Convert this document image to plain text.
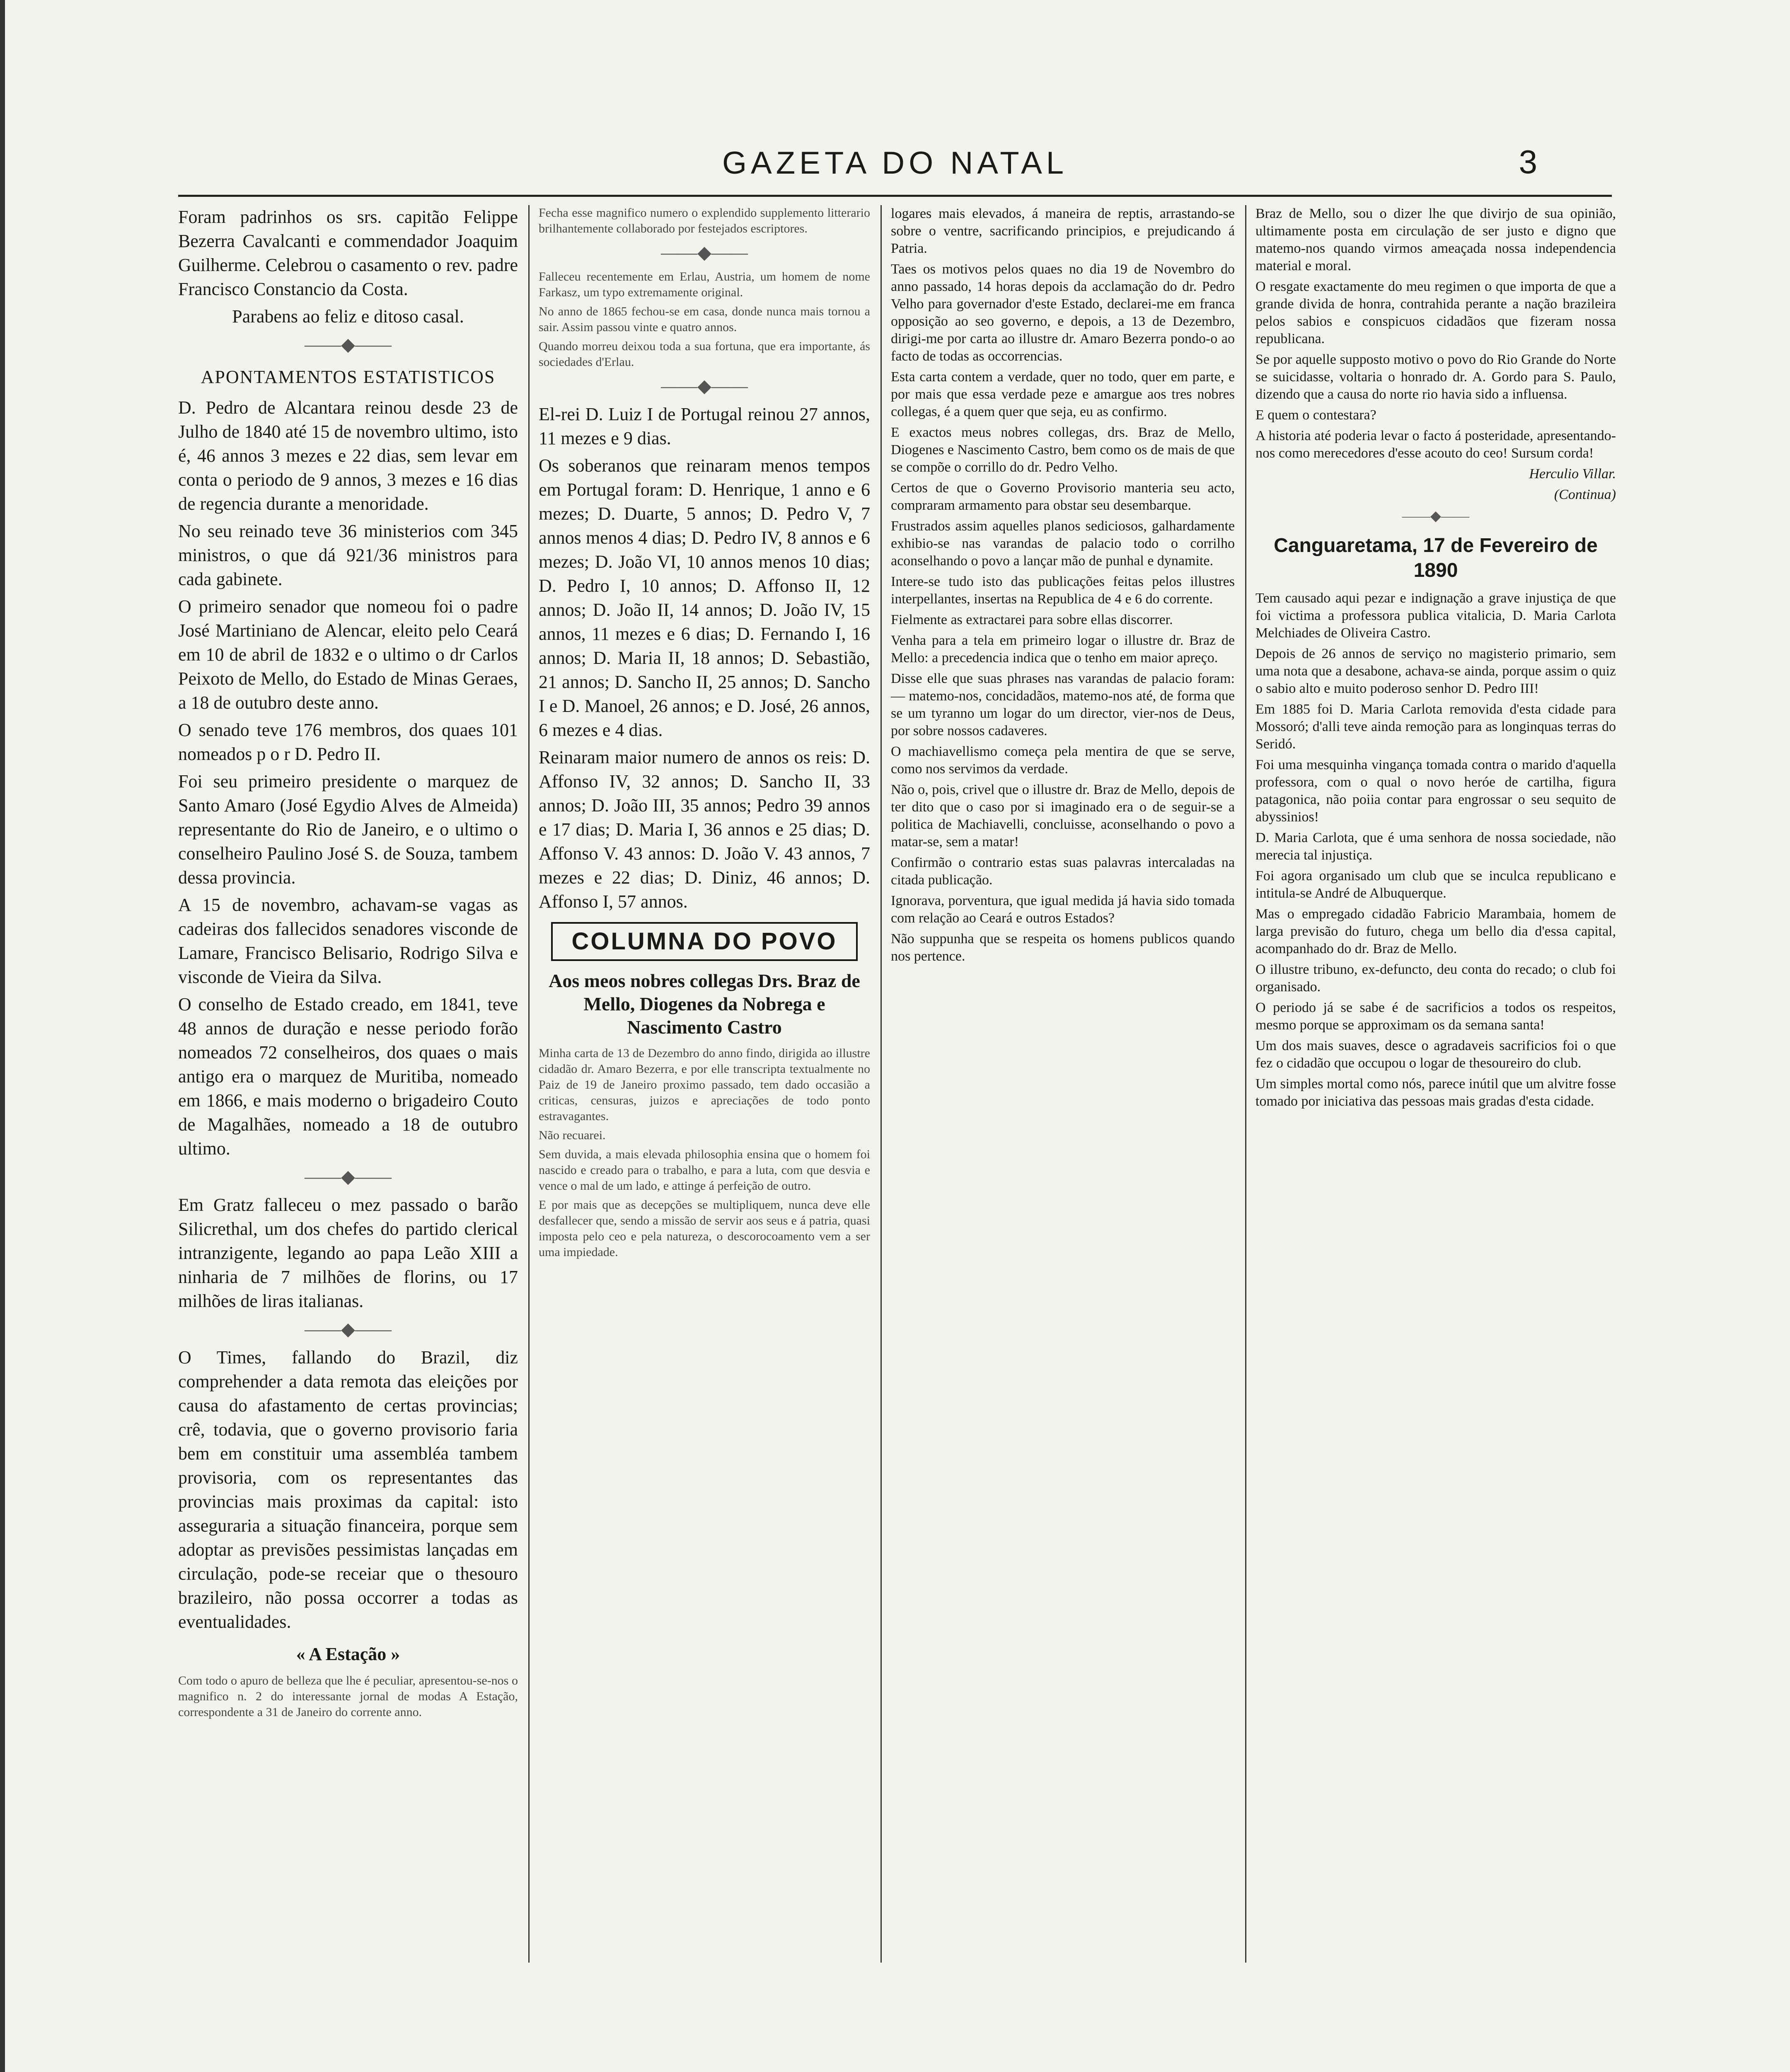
GAZETA DO NATAL	3

Foram padrinhos os srs. capitão Felippe Bezerra Cavalcanti e commendador Joaquim Guilherme. Celebrou o casamento o rev. padre Francisco Constancio da Costa.

Parabens ao feliz e ditoso casal.

——◆——
APONTAMENTOS ESTATISTICOS

D. Pedro de Alcantara reinou desde 23 de Julho de 1840 até 15 de novembro ultimo, isto é, 46 annos 3 mezes e 22 dias, sem levar em conta o periodo de 9 annos, 3 mezes e 16 dias de regencia durante a menoridade.

No seu reinado teve 36 ministerios com 345 ministros, o que dá 921/36 ministros para cada gabinete.

O primeiro senador que nomeou foi o padre José Martiniano de Alencar, eleito pelo Ceará em 10 de abril de 1832 e o ultimo o dr Carlos Peixoto de Mello, do Estado de Minas Geraes, a 18 de outubro deste anno.

O senado teve 176 membros, dos quaes 101 nomeados p o r D. Pedro II.

Foi seu primeiro presidente o marquez de Santo Amaro (José Egydio Alves de Almeida) representante do Rio de Janeiro, e o ultimo o conselheiro Paulino José S. de Souza, tambem dessa provincia.

A 15 de novembro, achavam-se vagas as cadeiras dos fallecidos senadores visconde de Lamare, Francisco Belisario, Rodrigo Silva e visconde de Vieira da Silva.

O conselho de Estado creado, em 1841, teve 48 annos de duração e nesse periodo forão nomeados 72 conselheiros, dos quaes o mais antigo era o marquez de Muritiba, nomeado em 1866, e mais moderno o brigadeiro Couto de Magalhães, nomeado a 18 de outubro ultimo.

——◆——

Em Gratz falleceu o mez passado o barão Silicrethal, um dos chefes do partido clerical intranzigente, legando ao papa Leão XIII a ninharia de 7 milhões de florins, ou 17 milhões de liras italianas.

——◆——

O Times, fallando do Brazil, diz comprehender a data remota das eleições por causa do afastamento de certas provincias; crê, todavia, que o governo provisorio faria bem em constituir uma assembléa tambem provisoria, com os representantes das provincias mais proximas da capital: isto asseguraria a situação financeira, porque sem adoptar as previsões pessimistas lançadas em circulação, pode-se receiar que o thesouro brazileiro, não possa occorrer a todas as eventualidades.

« A Estação »

Com todo o apuro de belleza que lhe é peculiar, apresentou-se-nos o magnifico n. 2 do interessante jornal de modas A Estação, correspondente a 31 de Janeiro do corrente anno.

Fecha esse magnifico numero o explendido supplemento litterario brilhantemente collaborado por festejados escriptores.

——◆——

Falleceu recentemente em Erlau, Austria, um homem de nome Farkasz, um typo extremamente original.

No anno de 1865 fechou-se em casa, donde nunca mais tornou a sair. Assim passou vinte e quatro annos.

Quando morreu deixou toda a sua fortuna, que era importante, ás sociedades d'Erlau.

——◆——

El-rei D. Luiz I de Portugal reinou 27 annos, 11 mezes e 9 dias.

Os soberanos que reinaram menos tempos em Portugal foram: D. Henrique, 1 anno e 6 mezes; D. Duarte, 5 annos; D. Pedro V, 7 annos menos 4 dias; D. Pedro IV, 8 annos e 6 mezes; D. João VI, 10 annos menos 10 dias; D. Pedro I, 10 annos; D. Affonso II, 12 annos; D. João II, 14 annos; D. João IV, 15 annos, 11 mezes e 6 dias; D. Fernando I, 16 annos; D. Maria II, 18 annos; D. Sebastião, 21 annos; D. Sancho II, 25 annos; D. Sancho I e D. Manoel, 26 annos; e D. José, 26 annos, 6 mezes e 4 dias.

Reinaram maior numero de annos os reis: D. Affonso IV, 32 annos; D. Sancho II, 33 annos; D. João III, 35 annos; Pedro 39 annos e 17 dias; D. Maria I, 36 annos e 25 dias; D. Affonso V. 43 annos: D. João V. 43 annos, 7 mezes e 22 dias; D. Diniz, 46 annos; D. Affonso I, 57 annos.

COLUMNA DO POVO
Aos meos nobres collegas Drs. Braz de Mello, Diogenes da Nobrega e Nascimento Castro

Minha carta de 13 de Dezembro do anno findo, dirigida ao illustre cidadão dr. Amaro Bezerra, e por elle transcripta textualmente no Paiz de 19 de Janeiro proximo passado, tem dado occasião a criticas, censuras, juizos e apreciações de todo ponto estravagantes.

Não recuarei.

Sem duvida, a mais elevada philosophia ensina que o homem foi nascido e creado para o trabalho, e para a luta, com que desvia e vence o mal de um lado, e attinge á perfeição de outro.

E por mais que as decepções se multipliquem, nunca deve elle desfallecer que, sendo a missão de servir aos seus e á patria, quasi imposta pelo ceo e pela natureza, o descorocoamento vem a ser uma impiedade.

logares mais elevados, á maneira de reptis, arrastando-se sobre o ventre, sacrificando principios, e prejudicando á Patria.

Taes os motivos pelos quaes no dia 19 de Novembro do anno passado, 14 horas depois da acclamação do dr. Pedro Velho para governador d'este Estado, declarei-me em franca opposição ao seo governo, e depois, a 13 de Dezembro, dirigi-me por carta ao illustre dr. Amaro Bezerra pondo-o ao facto de todas as occorrencias.

Esta carta contem a verdade, quer no todo, quer em parte, e por mais que essa verdade peze e amargue aos tres nobres collegas, é a quem quer que seja, eu as confirmo.

E exactos meus nobres collegas, drs. Braz de Mello, Diogenes e Nascimento Castro, bem como os de mais de que se compõe o corrillo do dr. Pedro Velho.

Certos de que o Governo Provisorio manteria seu acto, compraram armamento para obstar seu desembarque.

Frustrados assim aquelles planos sediciosos, galhardamente exhibio-se nas varandas de palacio todo o corrilho aconselhando o povo a lançar mão de punhal e dynamite.

Intere-se tudo isto das publicações feitas pelos illustres interpellantes, insertas na Republica de 4 e 6 do corrente.

Fielmente as extractarei para sobre ellas discorrer.

Venha para a tela em primeiro logar o illustre dr. Braz de Mello: a precedencia indica que o tenho em maior apreço.

Disse elle que suas phrases nas varandas de palacio foram: — matemo-nos, concidadãos, matemo-nos até, de forma que se um tyranno um logar do um director, vier-nos de Deus, por sobre nossos cadaveres.

O machiavellismo começa pela mentira de que se serve, como nos servimos da verdade.

Não o, pois, crivel que o illustre dr. Braz de Mello, depois de ter dito que o caso por si imaginado era o de seguir-se a politica de Machiavelli, concluisse, aconselhando o povo a matar-se, sem a matar!

Confirmão o contrario estas suas palavras intercaladas na citada publicação.

Ignorava, porventura, que igual medida já havia sido tomada com relação ao Ceará e outros Estados?

Não suppunha que se respeita os homens publicos quando nos pertence.

Braz de Mello, sou o dizer lhe que divirjo de sua opinião, ultimamente posta em circulação de ser justo e digno que matemo-nos quando virmos ameaçada nossa independencia material e moral.

O resgate exactamente do meu regimen o que importa de que a grande divida de honra, contrahida perante a nação brazileira pelos sabios e conspicuos cidadãos que fizeram nossa republicana.

Se por aquelle supposto motivo o povo do Rio Grande do Norte se suicidasse, voltaria o honrado dr. A. Gordo para S. Paulo, dizendo que a causa do norte rio havia sido a influensa.

E quem o contestara?

A historia até poderia levar o facto á posteridade, apresentando-nos como merecedores d'esse acouto do ceo! Sursum corda!

Herculio Villar.

(Continua)

——◆——
Canguaretama, 17 de Fevereiro de 1890

Tem causado aqui pezar e indignação a grave injustiça de que foi victima a professora publica vitalicia, D. Maria Carlota Melchiades de Oliveira Castro.

Depois de 26 annos de serviço no magisterio primario, sem uma nota que a desabone, achava-se ainda, porque assim o quiz o sabio alto e muito poderoso senhor D. Pedro III!

Em 1885 foi D. Maria Carlota removida d'esta cidade para Mossoró; d'alli teve ainda remoção para as longinquas terras do Seridó.

Foi uma mesquinha vingança tomada contra o marido d'aquella professora, com o qual o novo heróe de cartilha, figura patagonica, não poiia contar para engrossar o seu sequito de abyssinios!

D. Maria Carlota, que é uma senhora de nossa sociedade, não merecia tal injustiça.

Foi agora organisado um club que se inculca republicano e intitula-se André de Albuquerque.

Mas o empregado cidadão Fabricio Marambaia, homem de larga previsão do futuro, chega um bello dia d'essa capital, acompanhado do dr. Braz de Mello.

O illustre tribuno, ex-defuncto, deu conta do recado; o club foi organisado.

O periodo já se sabe é de sacrificios a todos os respeitos, mesmo porque se approximam os da semana santa!

Um dos mais suaves, desce o agradaveis sacrificios foi o que fez o cidadão que occupou o logar de thesoureiro do club.

Um simples mortal como nós, parece inútil que um alvitre fosse tomado por iniciativa das pessoas mais gradas d'esta cidade.
